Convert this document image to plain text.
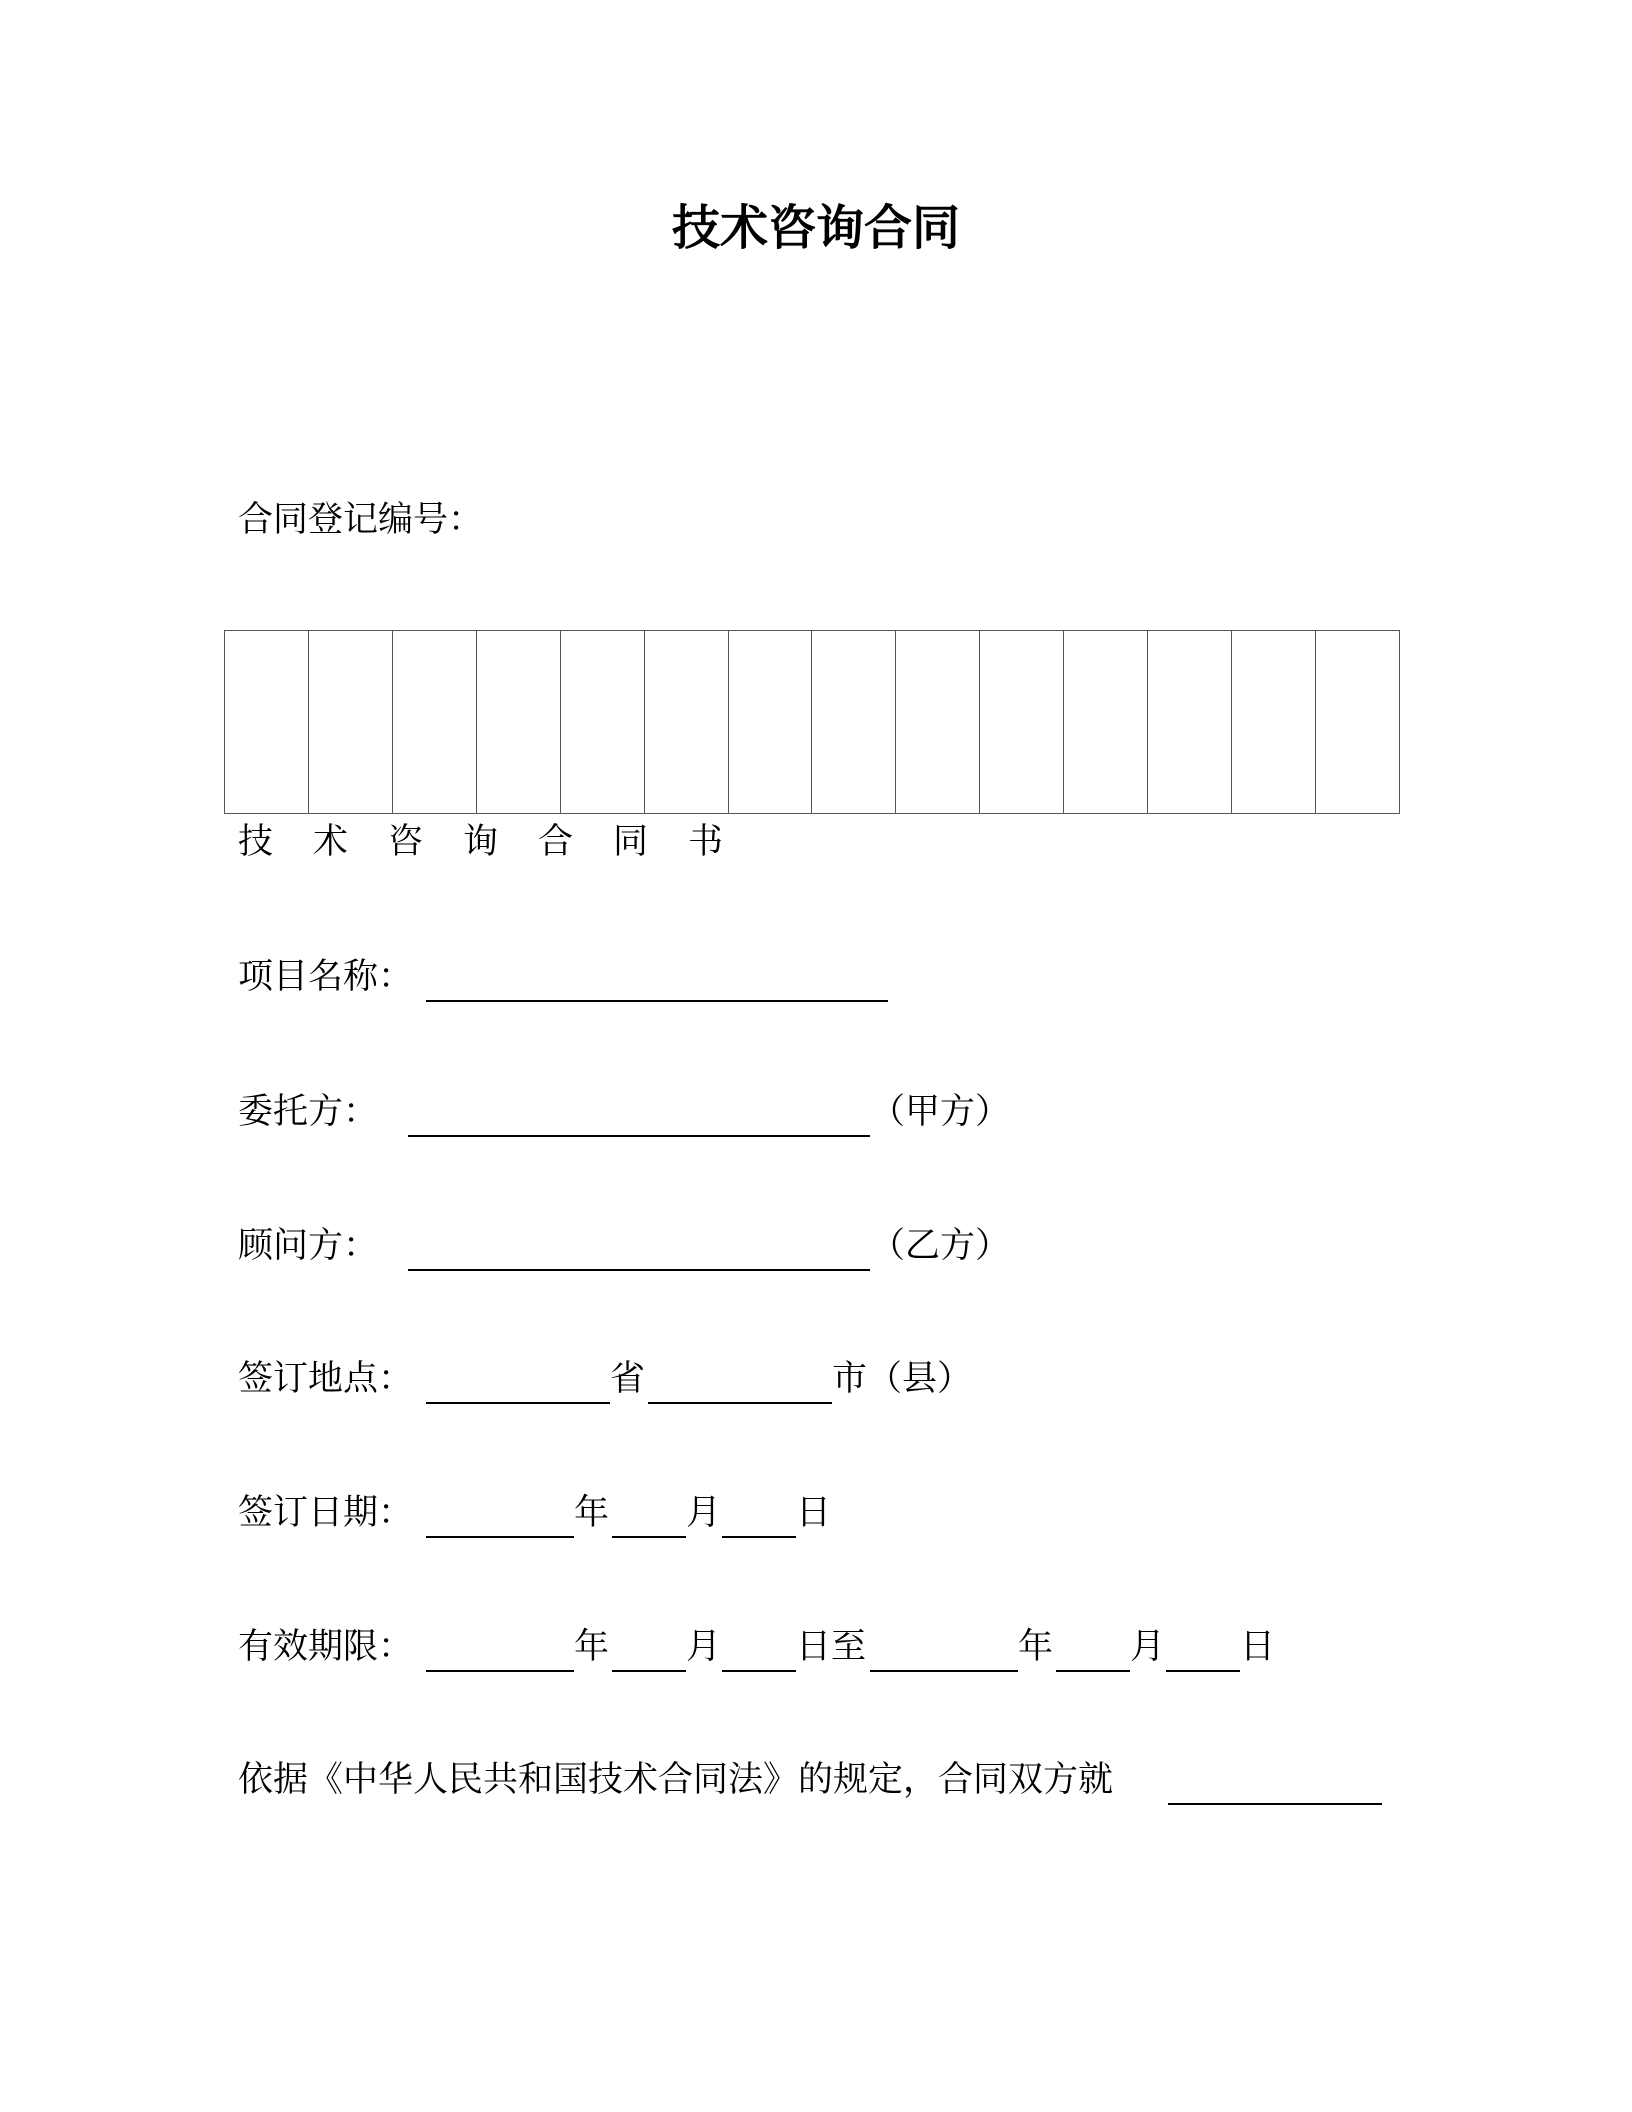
技术咨询合同
合同登记编号：
技术咨询合同书
项目名称：
委托方：	（甲方）
顾问方：	（乙方）
签订地点：	省	市（县）
签订日期：	年 月 日
有效期限：	年 月 日至	年 月 日
依据《中华人民共和国技术合同法》的规定，合同双方就
